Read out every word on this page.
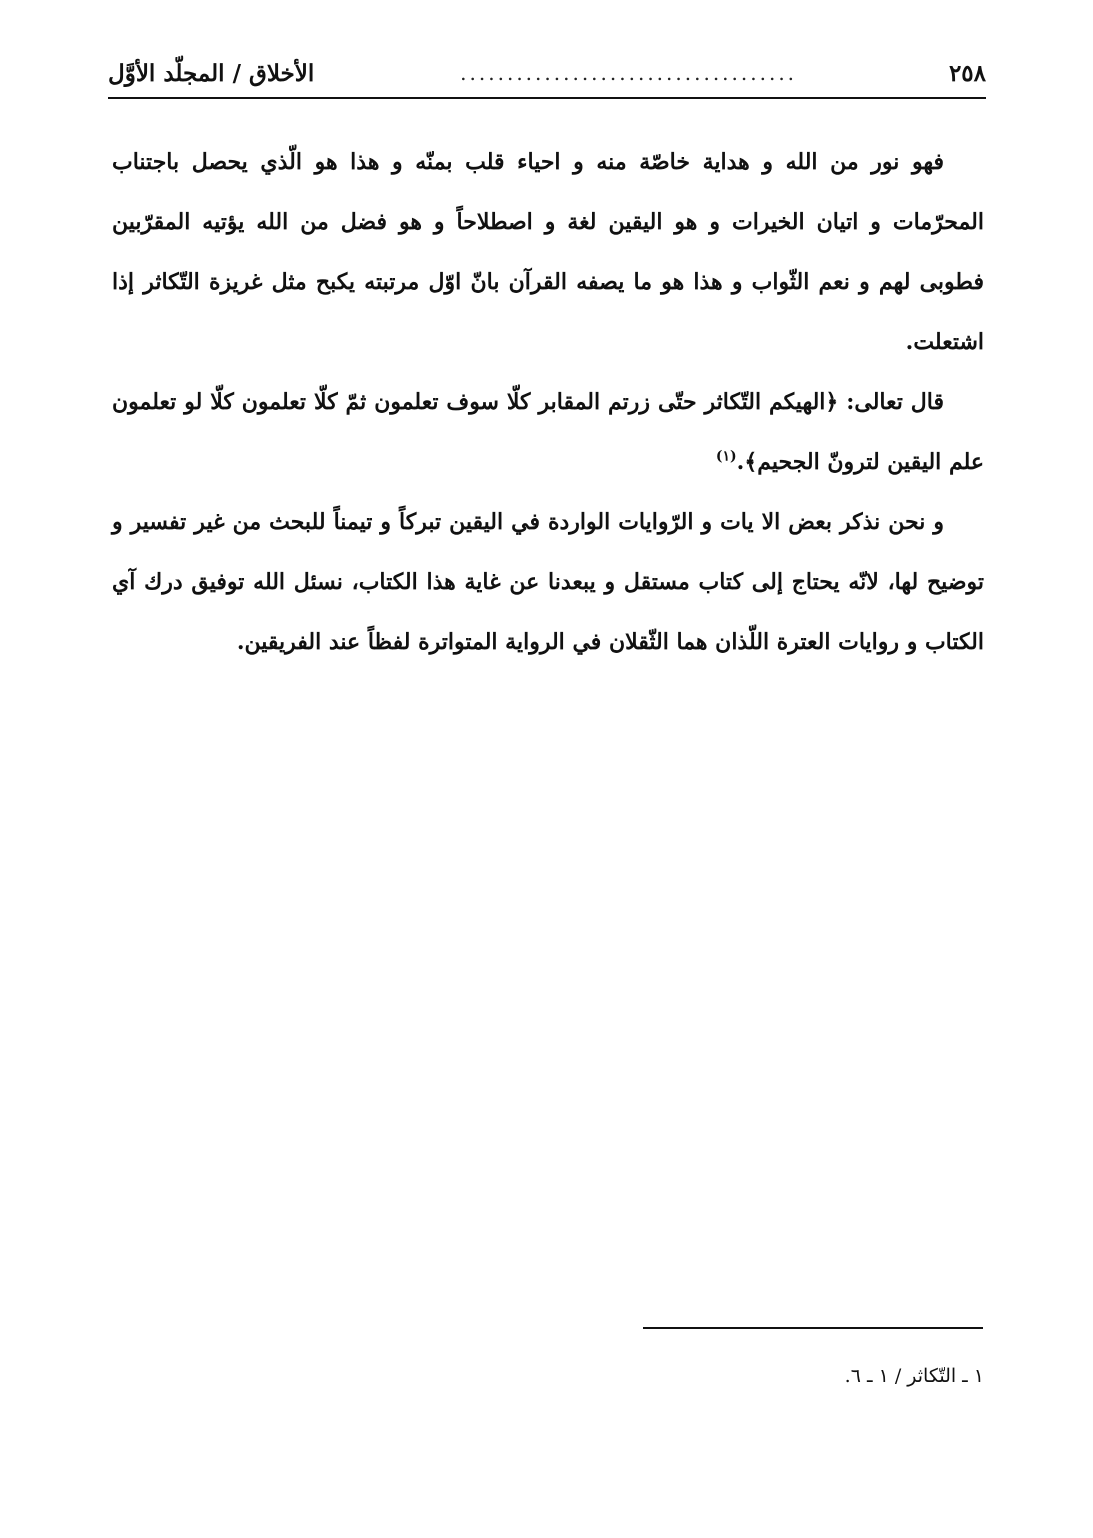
٢٥٨
....................................
الأخلاق / المجلّد الأوَّل

فهو نور من الله و هداية خاصّة منه و احياء قلب بمنّه و هذا هو الّذي يحصل باجتناب المحرّمات و اتيان الخيرات و هو اليقين لغة و اصطلاحاً و هو فضل من الله يؤتيه المقرّبين فطوبى لهم و نعم الثّواب و هذا هو ما يصفه القرآن بانّ اوّل مرتبته يكبح مثل غريزة التّكاثر إذا اشتعلت.

قال تعالى: ﴿الهيكم التّكاثر حتّى زرتم المقابر كلّا سوف تعلمون ثمّ كلّا تعلمون كلّا لو تعلمون علم اليقين لترونّ الجحيم﴾.$^{(١)}$

و نحن نذكر بعض الا يات و الرّوايات الواردة في اليقين تبركاً و تيمناً للبحث من غير تفسير و توضيح لها، لانّه يحتاج إلى كتاب مستقل و يبعدنا عن غاية هذا الكتاب، نسئل الله توفيق درك آي الكتاب و روايات العترة اللّذان هما الثّقلان في الرواية المتواترة لفظاً عند الفريقين.

١ ـ التّكاثر / ١ ـ ٦.
